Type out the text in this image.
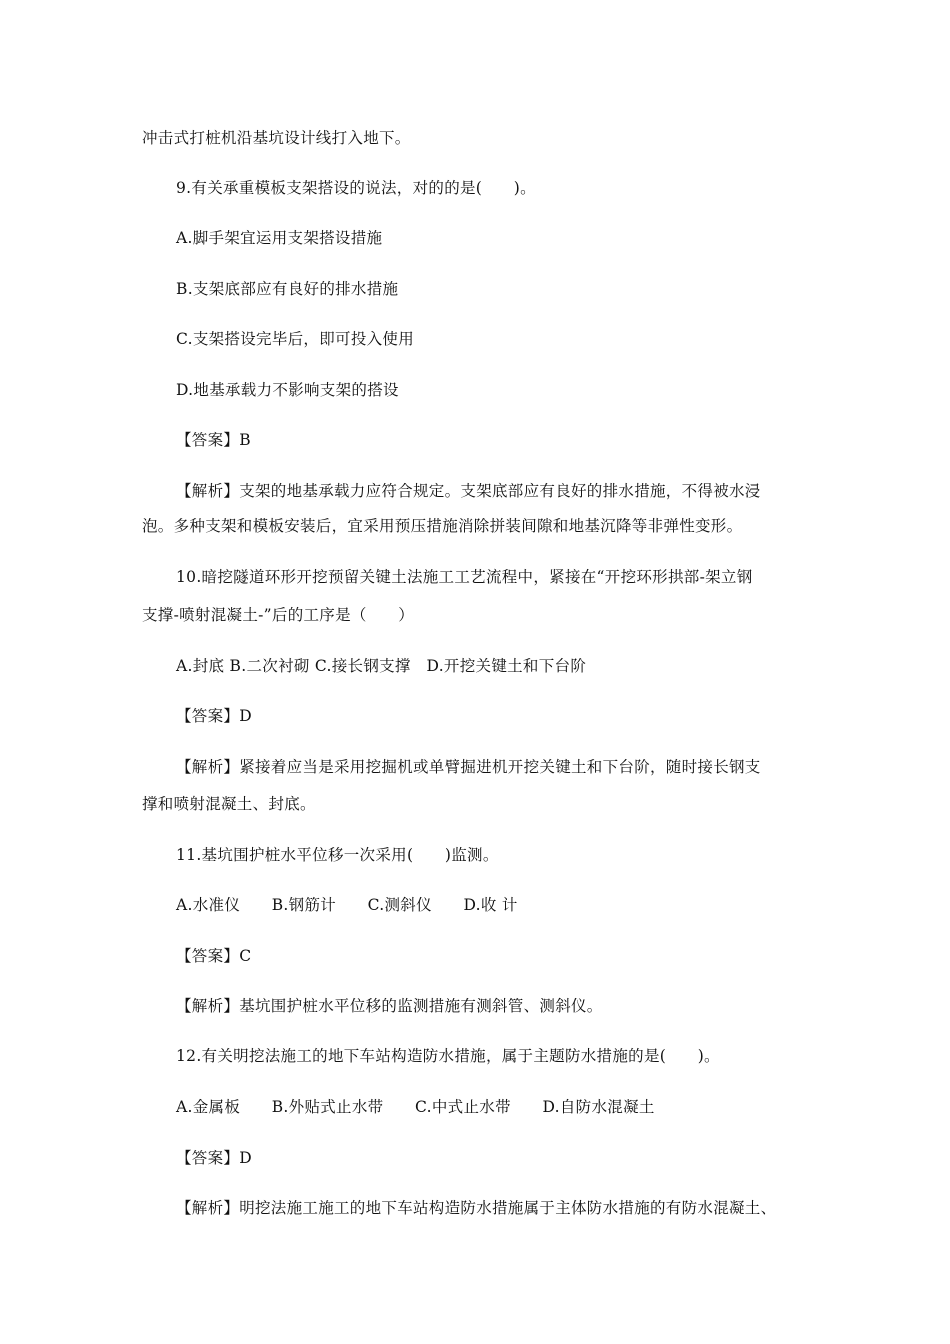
冲击式打桩机沿基坑设计线打入地下。
9.有关承重模板支架搭设的说法，对的的是(　　)。
A.脚手架宜运用支架搭设措施
B.支架底部应有良好的排水措施
C.支架搭设完毕后，即可投入使用
D.地基承载力不影响支架的搭设
【答案】B
【解析】支架的地基承载力应符合规定。支架底部应有良好的排水措施，不得被水浸
泡。多种支架和模板安装后，宜采用预压措施消除拼装间隙和地基沉降等非弹性变形。
10.暗挖隧道环形开挖预留关键土法施工工艺流程中，紧接在“开挖环形拱部-架立钢
支撑-喷射混凝土-”后的工序是（　　）
A.封底 B.二次衬砌 C.接长钢支撑　D.开挖关键土和下台阶
【答案】D
【解析】紧接着应当是采用挖掘机或单臂掘进机开挖关键土和下台阶，随时接长钢支
撑和喷射混凝土、封底。
11.基坑围护桩水平位移一次采用(　　)监测。
A.水准仪　　B.钢筋计　　C.测斜仪　　D.收 计
【答案】C
【解析】基坑围护桩水平位移的监测措施有测斜管、测斜仪。
12.有关明挖法施工的地下车站构造防水措施，属于主题防水措施的是(　　)。
A.金属板　　B.外贴式止水带　　C.中式止水带　　D.自防水混凝土
【答案】D
【解析】明挖法施工施工的地下车站构造防水措施属于主体防水措施的有防水混凝土、
